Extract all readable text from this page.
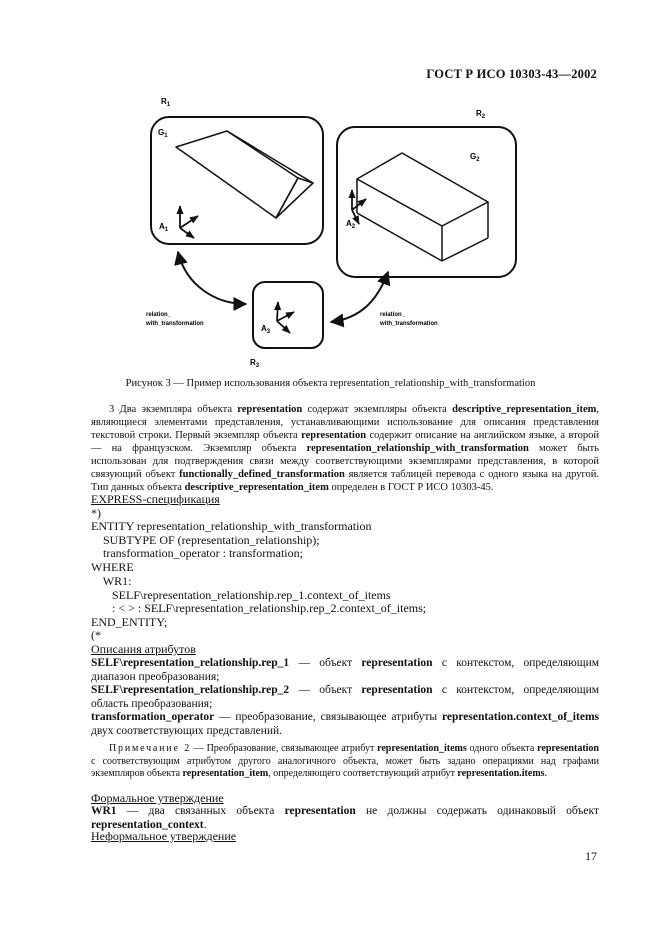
ГОСТ Р ИСО 10303-43—2002
$R_1$
$R_2$
$R_3$
$G_1$
$G_2$
$A_1$
$A_2$
$A_3$
relation_
with_transformation
relation_
with_transformation
Рисунок 3 — Пример использования объекта representation_relationship_with_transformation
3 Два экземпляра объекта representation содержат экземпляры объекта descriptive_representation_item, являющиеся элементами представления, устанавливающими использование для описания представления текстовой строки. Первый экземпляр объекта representation содержит описание на английском языке, а второй — на французском. Экземпляр объекта representation_relationship_with_transformation может быть использован для подтверждения связи между соответствующими экземплярами представления, в которой связующий объект functionally_defined_transformation является таблицей перевода с одного языка на другой. Тип данных объекта descriptive_representation_item определен в ГОСТ Р ИСО 10303-45.
EXPRESS-спецификация
*)
ENTITY representation_relationship_with_transformation
SUBTYPE OF (representation_relationship);
transformation_operator : transformation;
WHERE
WR1:
SELF\representation_relationship.rep_1.context_of_items
: < > : SELF\representation_relationship.rep_2.context_of_items;
END_ENTITY;
(*
Описания атрибутов
SELF\representation_relationship.rep_1 — объект representation с контекстом, определяющим диапазон преобразования;
SELF\representation_relationship.rep_2 — объект representation с контекстом, определяющим область преобразования;
transformation_operator — преобразование, связывающее атрибуты representation.context_of_items двух соответствующих представлений.
Примечание 2 — Преобразование, связывающее атрибут representation_items одного объекта representation с соответствующим атрибутом другого аналогичного объекта, может быть задано операциями над графами экземпляров объекта representation_item, определяющего соответствующий атрибут representation.items.
Формальное утверждение
WR1 — два связанных объекта representation не должны содержать одинаковый объект representation_context.
Неформальное утверждение
17
